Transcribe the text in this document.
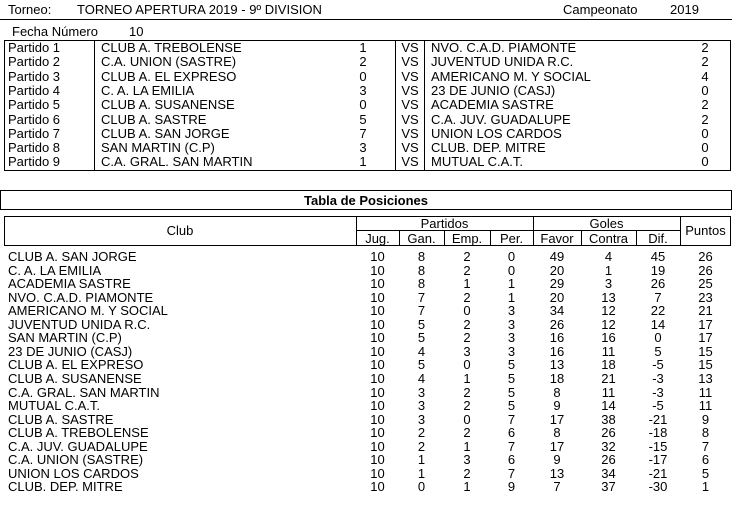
Torneo: TORNEO APERTURA 2019 - 9º DIVISION	Campeonato	2019
Fecha Número 10
Partido 1	CLUB A. TREBOLENSE	1	VS NVO. C.A.D. PIAMONTE	2
Partido 2	C.A. UNION (SASTRE)	2	VS JUVENTUD UNIDA R.C.	2
Partido 3	CLUB A. EL EXPRESO	0	VS AMERICANO M. Y SOCIAL	4
Partido 4	C. A. LA EMILIA	3	VS 23 DE JUNIO (CASJ)	0
Partido 5	CLUB A. SUSANENSE	0	VS ACADEMIA SASTRE	2
Partido 6	CLUB A. SASTRE	5	VS C.A. JUV. GUADALUPE	2
Partido 7	CLUB A. SAN JORGE	7	VS UNION LOS CARDOS	0
Partido 8	SAN MARTIN (C.P)	3	VS CLUB. DEP. MITRE	0
Partido 9	C.A. GRAL. SAN MARTIN	1	VS MUTUAL C.A.T.	0
Tabla de Posiciones
Club	Partidos	Goles	Puntos
Jug.	Gan.	Emp.	Per.	Favor	Contra	Dif.
CLUB A. SAN JORGE	10	8	2	0	49	4	45	26
C. A. LA EMILIA	10	8	2	0	20	1	19	26
ACADEMIA SASTRE	10	8	1	1	29	3	26	25
NVO. C.A.D. PIAMONTE	10	7	2	1	20	13	7	23
AMERICANO M. Y SOCIAL	10	7	0	3	34	12	22	21
JUVENTUD UNIDA R.C.	10	5	2	3	26	12	14	17
SAN MARTIN (C.P)	10	5	2	3	16	16	0	17
23 DE JUNIO (CASJ)	10	4	3	3	16	11	5	15
CLUB A. EL EXPRESO	10	5	0	5	13	18	-5	15
CLUB A. SUSANENSE	10	4	1	5	18	21	-3	13
C.A. GRAL. SAN MARTIN	10	3	2	5	8	11	-3	11
MUTUAL C.A.T.	10	3	2	5	9	14	-5	11
CLUB A. SASTRE	10	3	0	7	17	38	-21	9
CLUB A. TREBOLENSE	10	2	2	6	8	26	-18	8
C.A. JUV. GUADALUPE	10	2	1	7	17	32	-15	7
C.A. UNION (SASTRE)	10	1	3	6	9	26	-17	6
UNION LOS CARDOS	10	1	2	7	13	34	-21	5
CLUB. DEP. MITRE	10	0	1	9	7	37	-30	1
